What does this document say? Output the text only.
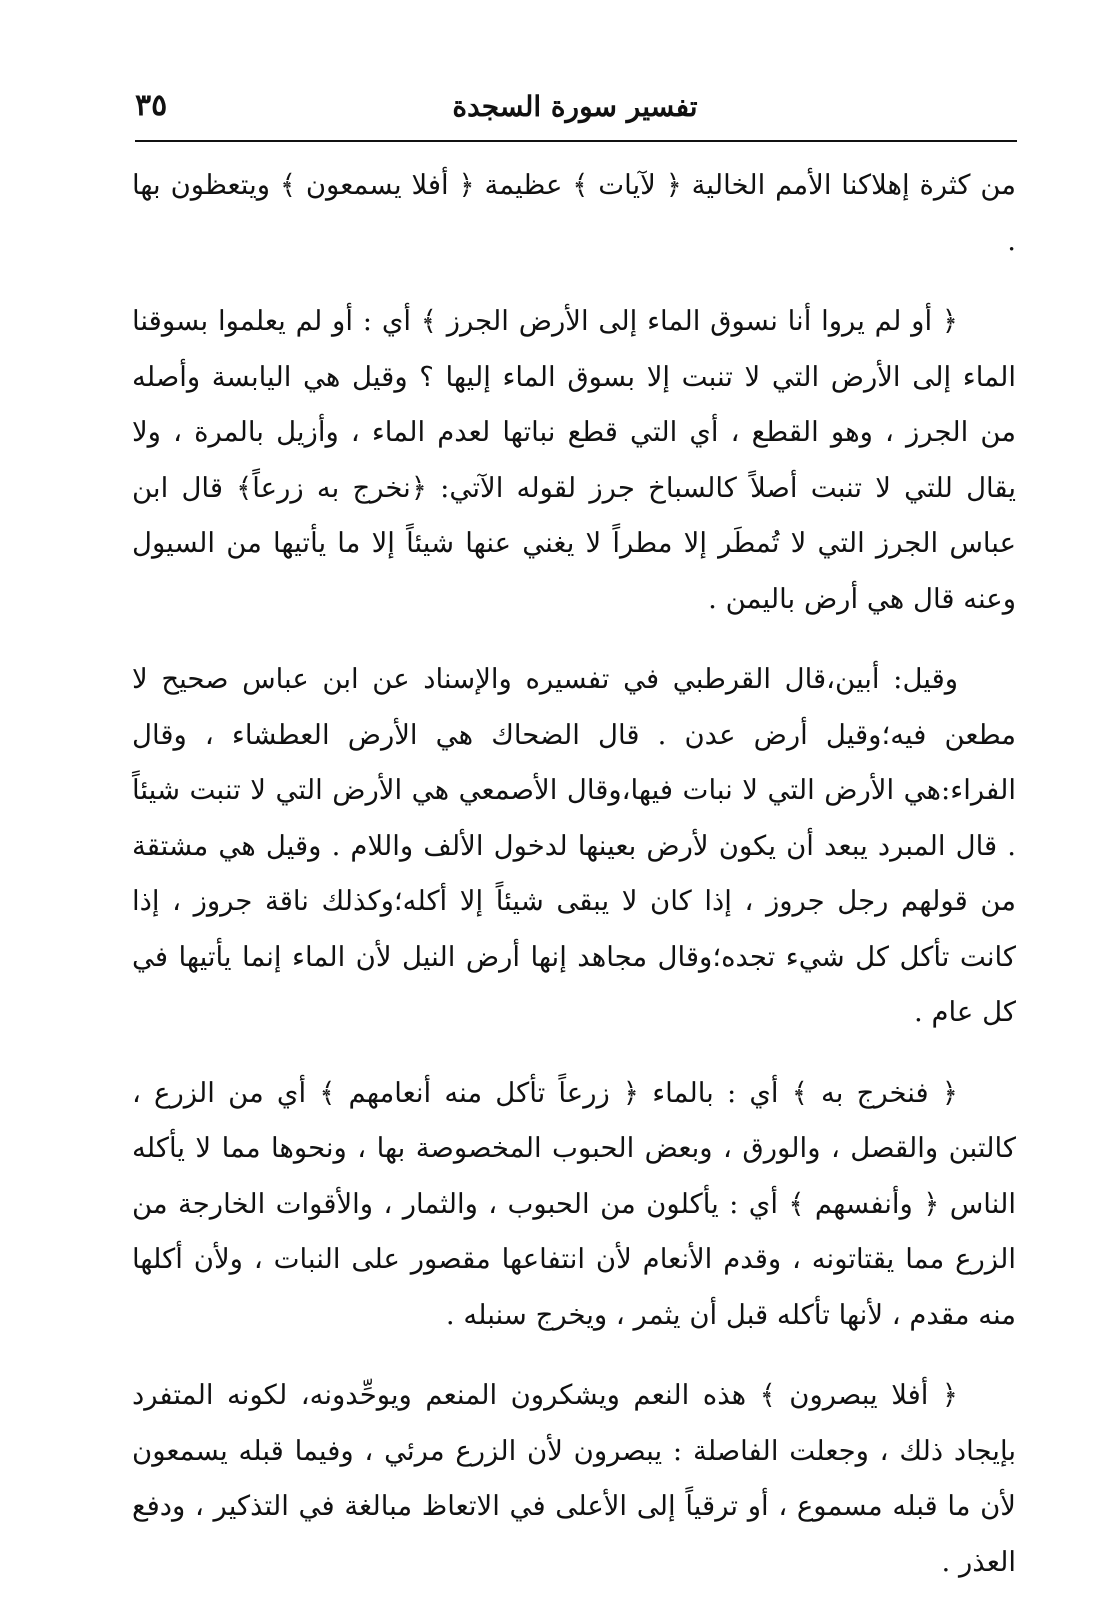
٣٥	تفسير سورة السجدة

من كثرة إهلاكنا الأمم الخالية ﴿ لآيات ﴾ عظيمة ﴿ أفلا يسمعون ﴾ ويتعظون بها .

﴿ أو لم يروا أنا نسوق الماء إلى الأرض الجرز ﴾ أي : أو لم يعلموا بسوقنا الماء إلى الأرض التي لا تنبت إلا بسوق الماء إليها ؟ وقيل هي اليابسة وأصله من الجرز ، وهو القطع ، أي التي قطع نباتها لعدم الماء ، وأزيل بالمرة ، ولا يقال للتي لا تنبت أصلاً كالسباخ جرز لقوله الآتي: ﴿نخرج به زرعاً﴾ قال ابن عباس الجرز التي لا تُمطَر إلا مطراً لا يغني عنها شيئاً إلا ما يأتيها من السيول وعنه قال هي أرض باليمن .

وقيل: أبين،قال القرطبي في تفسيره والإسناد عن ابن عباس صحيح لا مطعن فيه؛وقيل أرض عدن . قال الضحاك هي الأرض العطشاء ، وقال الفراء:هي الأرض التي لا نبات فيها،وقال الأصمعي هي الأرض التي لا تنبت شيئاً . قال المبرد يبعد أن يكون لأرض بعينها لدخول الألف واللام . وقيل هي مشتقة من قولهم رجل جروز ، إذا كان لا يبقى شيئاً إلا أكله؛وكذلك ناقة جروز ، إذا كانت تأكل كل شيء تجده؛وقال مجاهد إنها أرض النيل لأن الماء إنما يأتيها في كل عام .

﴿ فنخرج به ﴾ أي : بالماء ﴿ زرعاً تأكل منه أنعامهم ﴾ أي من الزرع ، كالتبن والقصل ، والورق ، وبعض الحبوب المخصوصة بها ، ونحوها مما لا يأكله الناس ﴿ وأنفسهم ﴾ أي : يأكلون من الحبوب ، والثمار ، والأقوات الخارجة من الزرع مما يقتاتونه ، وقدم الأنعام لأن انتفاعها مقصور على النبات ، ولأن أكلها منه مقدم ، لأنها تأكله قبل أن يثمر ، ويخرج سنبله .

﴿ أفلا يبصرون ﴾ هذه النعم ويشكرون المنعم ويوحِّدونه، لكونه المتفرد بإيجاد ذلك ، وجعلت الفاصلة : يبصرون لأن الزرع مرئي ، وفيما قبله يسمعون لأن ما قبله مسموع ، أو ترقياً إلى الأعلى في الاتعاظ مبالغة في التذكير ، ودفع العذر .
